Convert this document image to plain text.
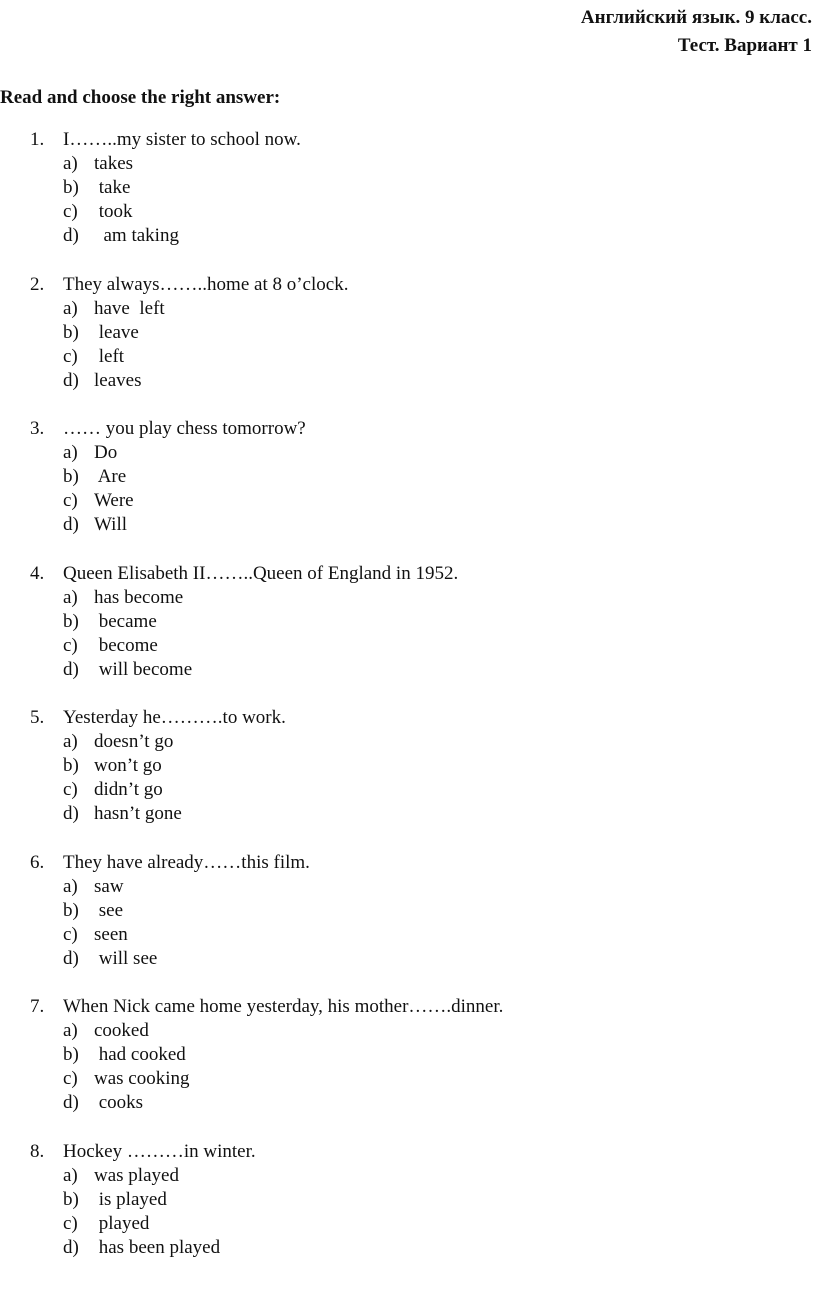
Английский язык. 9 класс.
Тест. Вариант 1

Read and choose the right answer:

1. I……..my sister to school now.
a) takes
b) take
c) took
d) am taking
2. They always……..home at 8 o’clock.
a) have  left
b) leave
c) left
d) leaves
3. …… you play chess tomorrow?
a) Do
b) Are
c) Were
d) Will
4. Queen Elisabeth II……..Queen of England in 1952.
a) has become
b) became
c) become
d) will become
5. Yesterday he……….to work.
a) doesn’t go
b) won’t go
c) didn’t go
d) hasn’t gone
6. They have already……this film.
a) saw
b) see
c) seen
d) will see
7. When Nick came home yesterday, his mother…….dinner.
a) cooked
b) had cooked
c) was cooking
d) cooks
8. Hockey ………in winter.
a) was played
b) is played
c) played
d) has been played
